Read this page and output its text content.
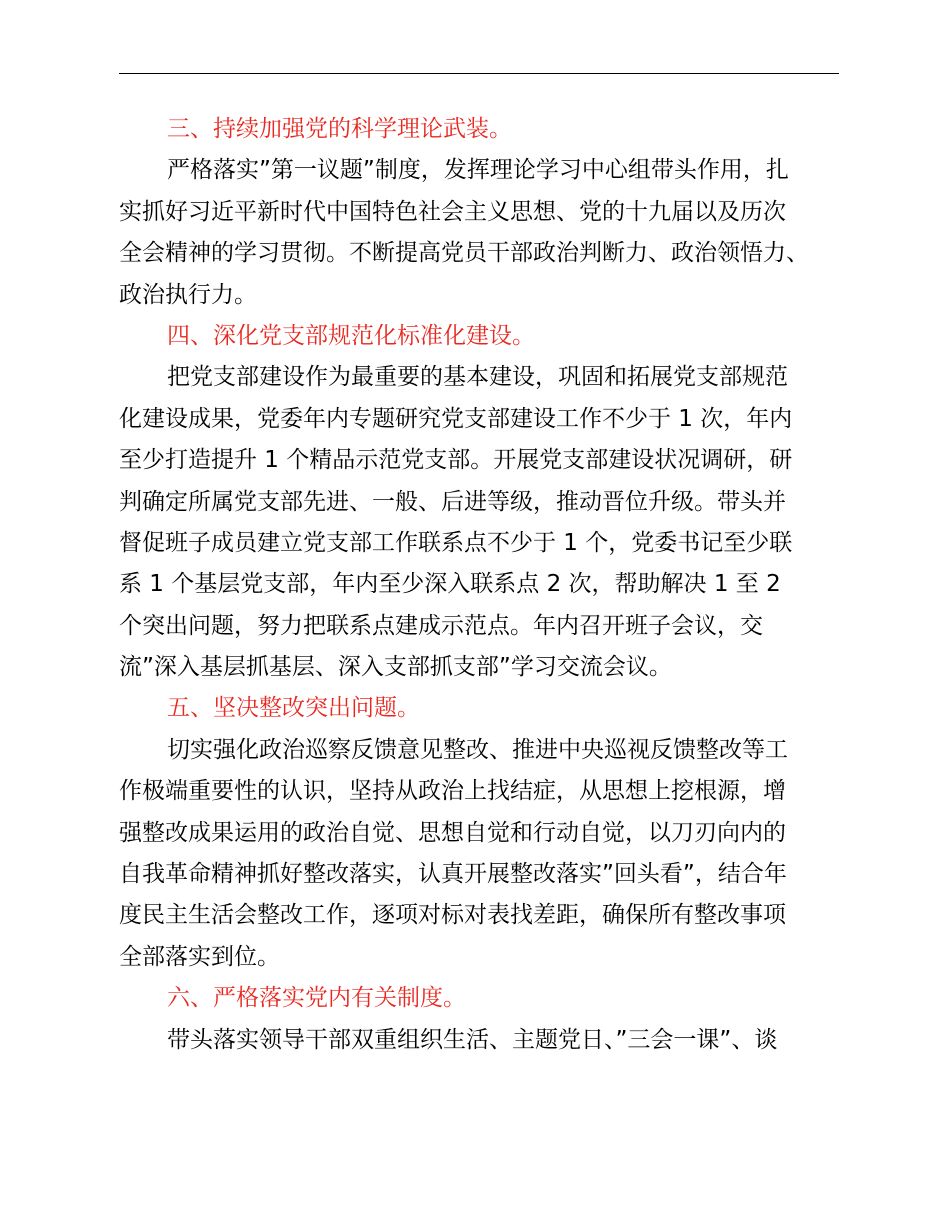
三、持续加强党的科学理论武装。
严格落实”第一议题”制度，发挥理论学习中心组带头作用，扎
实抓好习近平新时代中国特色社会主义思想、党的十九届以及历次
全会精神的学习贯彻。不断提高党员干部政治判断力、政治领悟力、
政治执行力。
四、深化党支部规范化标准化建设。
把党支部建设作为最重要的基本建设，巩固和拓展党支部规范
化建设成果，党委年内专题研究党支部建设工作不少于 1 次，年内
至少打造提升 1 个精品示范党支部。开展党支部建设状况调研，研
判确定所属党支部先进、一般、后进等级，推动晋位升级。带头并
督促班子成员建立党支部工作联系点不少于 1 个，党委书记至少联
系 1 个基层党支部，年内至少深入联系点 2 次，帮助解决 1 至 2
个突出问题，努力把联系点建成示范点。年内召开班子会议，交
流”深入基层抓基层、深入支部抓支部”学习交流会议。
五、坚决整改突出问题。
切实强化政治巡察反馈意见整改、推进中央巡视反馈整改等工
作极端重要性的认识，坚持从政治上找结症，从思想上挖根源，增
强整改成果运用的政治自觉、思想自觉和行动自觉，以刀刃向内的
自我革命精神抓好整改落实，认真开展整改落实”回头看”，结合年
度民主生活会整改工作，逐项对标对表找差距，确保所有整改事项
全部落实到位。
六、严格落实党内有关制度。
带头落实领导干部双重组织生活、主题党日、”三会一课”、谈
